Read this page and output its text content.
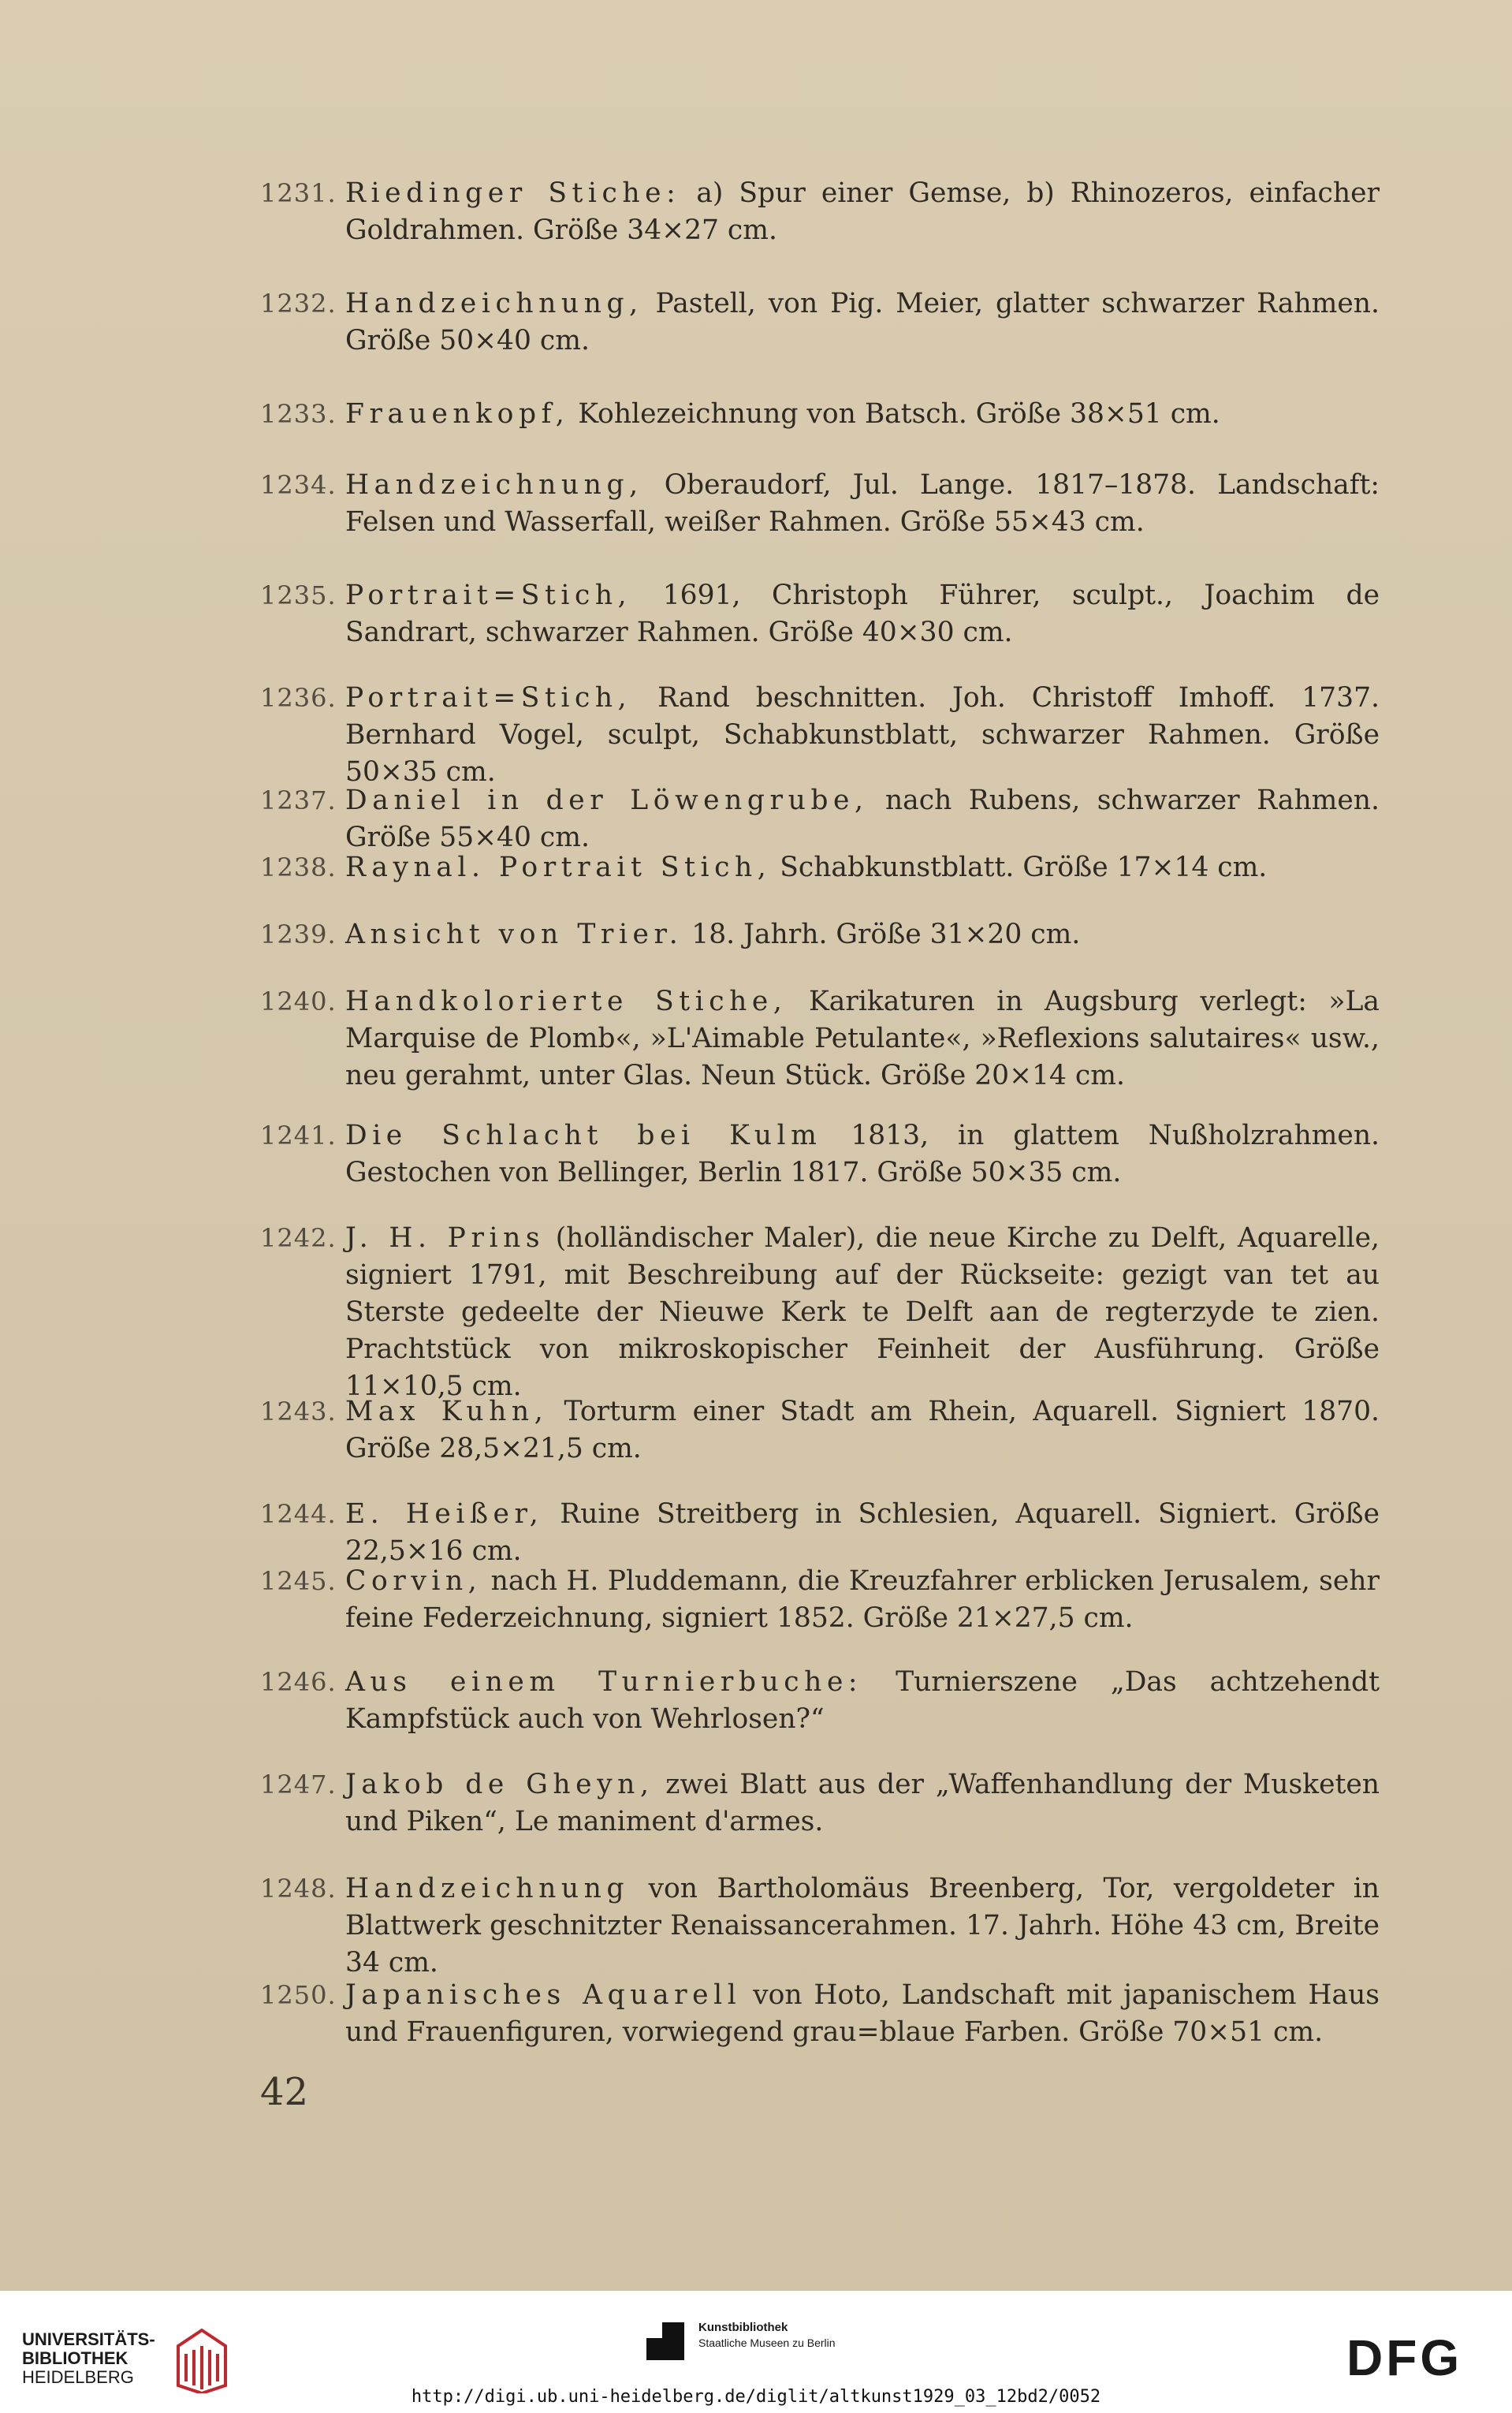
1231. Riedinger Stiche: a) Spur einer Gemse, b) Rhinozeros, einfacher Goldrahmen. Größe 34×27 cm.
1232. Handzeichnung, Pastell, von Pig. Meier, glatter schwarzer Rahmen. Größe 50×40 cm.
1233. Frauenkopf, Kohlezeichnung von Batsch. Größe 38×51 cm.
1234. Handzeichnung, Oberaudorf, Jul. Lange. 1817–1878. Landschaft: Felsen und Wasserfall, weißer Rahmen. Größe 55×43 cm.
1235. Portrait=Stich, 1691, Christoph Führer, sculpt., Joachim de Sandrart, schwarzer Rahmen. Größe 40×30 cm.
1236. Portrait=Stich, Rand beschnitten. Joh. Christoff Imhoff. 1737. Bernhard Vogel, sculpt, Schabkunstblatt, schwarzer Rahmen. Größe 50×35 cm.
1237. Daniel in der Löwengrube, nach Rubens, schwarzer Rahmen. Größe 55×40 cm.
1238. Raynal. Portrait Stich, Schabkunstblatt. Größe 17×14 cm.
1239. Ansicht von Trier. 18. Jahrh. Größe 31×20 cm.
1240. Handkolorierte Stiche, Karikaturen in Augsburg verlegt: »La Marquise de Plomb«, »L'Aimable Petulante«, »Reflexions salutaires« usw., neu gerahmt, unter Glas. Neun Stück. Größe 20×14 cm.
1241. Die Schlacht bei Kulm 1813, in glattem Nußholzrahmen. Gestochen von Bellinger, Berlin 1817. Größe 50×35 cm.
1242. J. H. Prins (holländischer Maler), die neue Kirche zu Delft, Aquarelle, signiert 1791, mit Beschreibung auf der Rückseite: gezigt van tet au Sterste gedeelte der Nieuwe Kerk te Delft aan de regterzyde te zien. Prachtstück von mikroskopischer Feinheit der Ausführung. Größe 11×10,5 cm.
1243. Max Kuhn, Torturm einer Stadt am Rhein, Aquarell. Signiert 1870. Größe 28,5×21,5 cm.
1244. E. Heißer, Ruine Streitberg in Schlesien, Aquarell. Signiert. Größe 22,5×16 cm.
1245. Corvin, nach H. Pluddemann, die Kreuzfahrer erblicken Jerusalem, sehr feine Federzeichnung, signiert 1852. Größe 21×27,5 cm.
1246. Aus einem Turnierbuche: Turnierszene „Das achtzehendt Kampfstück auch von Wehrlosen?“
1247. Jakob de Gheyn, zwei Blatt aus der „Waffenhandlung der Musketen und Piken“, Le maniment d'armes.
1248. Handzeichnung von Bartholomäus Breenberg, Tor, vergoldeter in Blattwerk geschnitzter Renaissancerahmen. 17. Jahrh. Höhe 43 cm, Breite 34 cm.
1250. Japanisches Aquarell von Hoto, Landschaft mit japanischem Haus und Frauenfiguren, vorwiegend grau=blaue Farben. Größe 70×51 cm.
42
UNIVERSITÄTS-
BIBLIOTHEK
HEIDELBERG
Kunstbibliothek
Staatliche Museen zu Berlin	DFG
http://digi.ub.uni-heidelberg.de/diglit/altkunst1929_03_12bd2/0052
